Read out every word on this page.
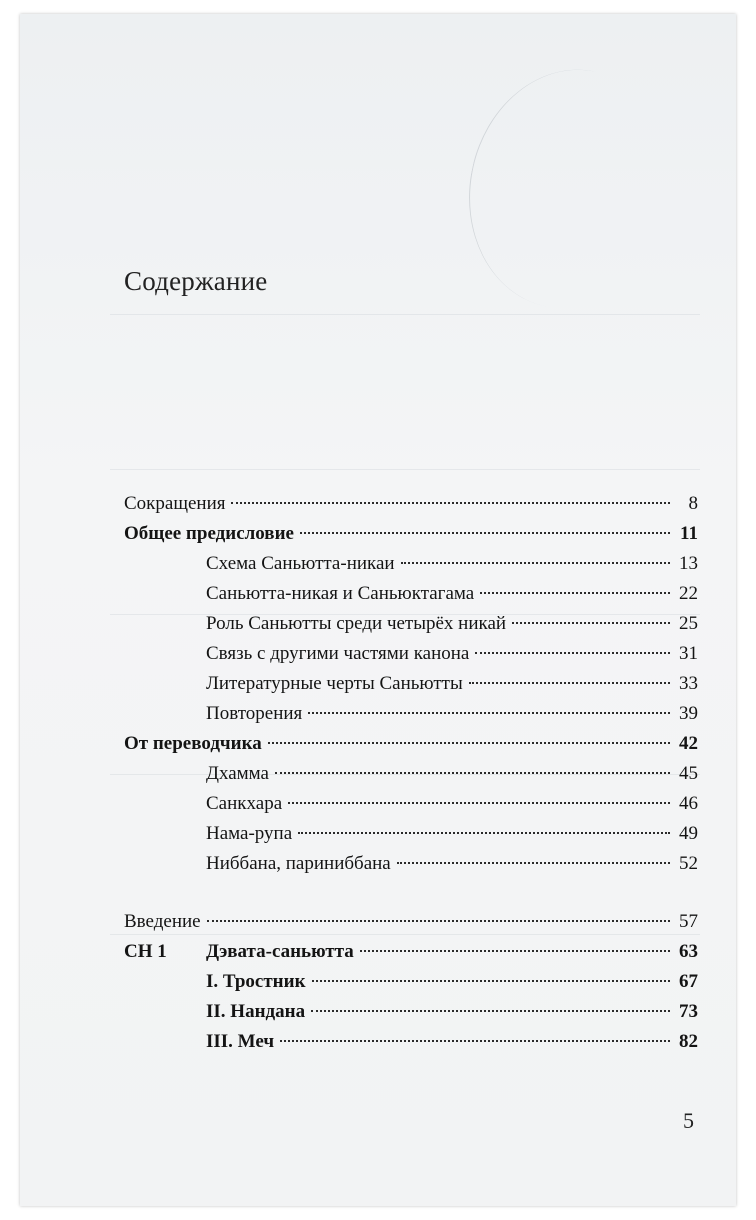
Содержание
Сокращения	8
Общее предисловие	11
Схема Саньютта-никаи	13
Саньютта-никая и Саньюктагама	22
Роль Саньютты среди четырёх никай	25
Связь с другими частями канона	31
Литературные черты Саньютты	33
Повторения	39
От переводчика	42
Дхамма	45
Санкхара	46
Нама-рупа	49
Ниббана, париниббана	52
Введение	57
СН 1	Дэвата-саньютта	63
I. Тростник	67
II. Нандана	73
III. Меч	82
5
